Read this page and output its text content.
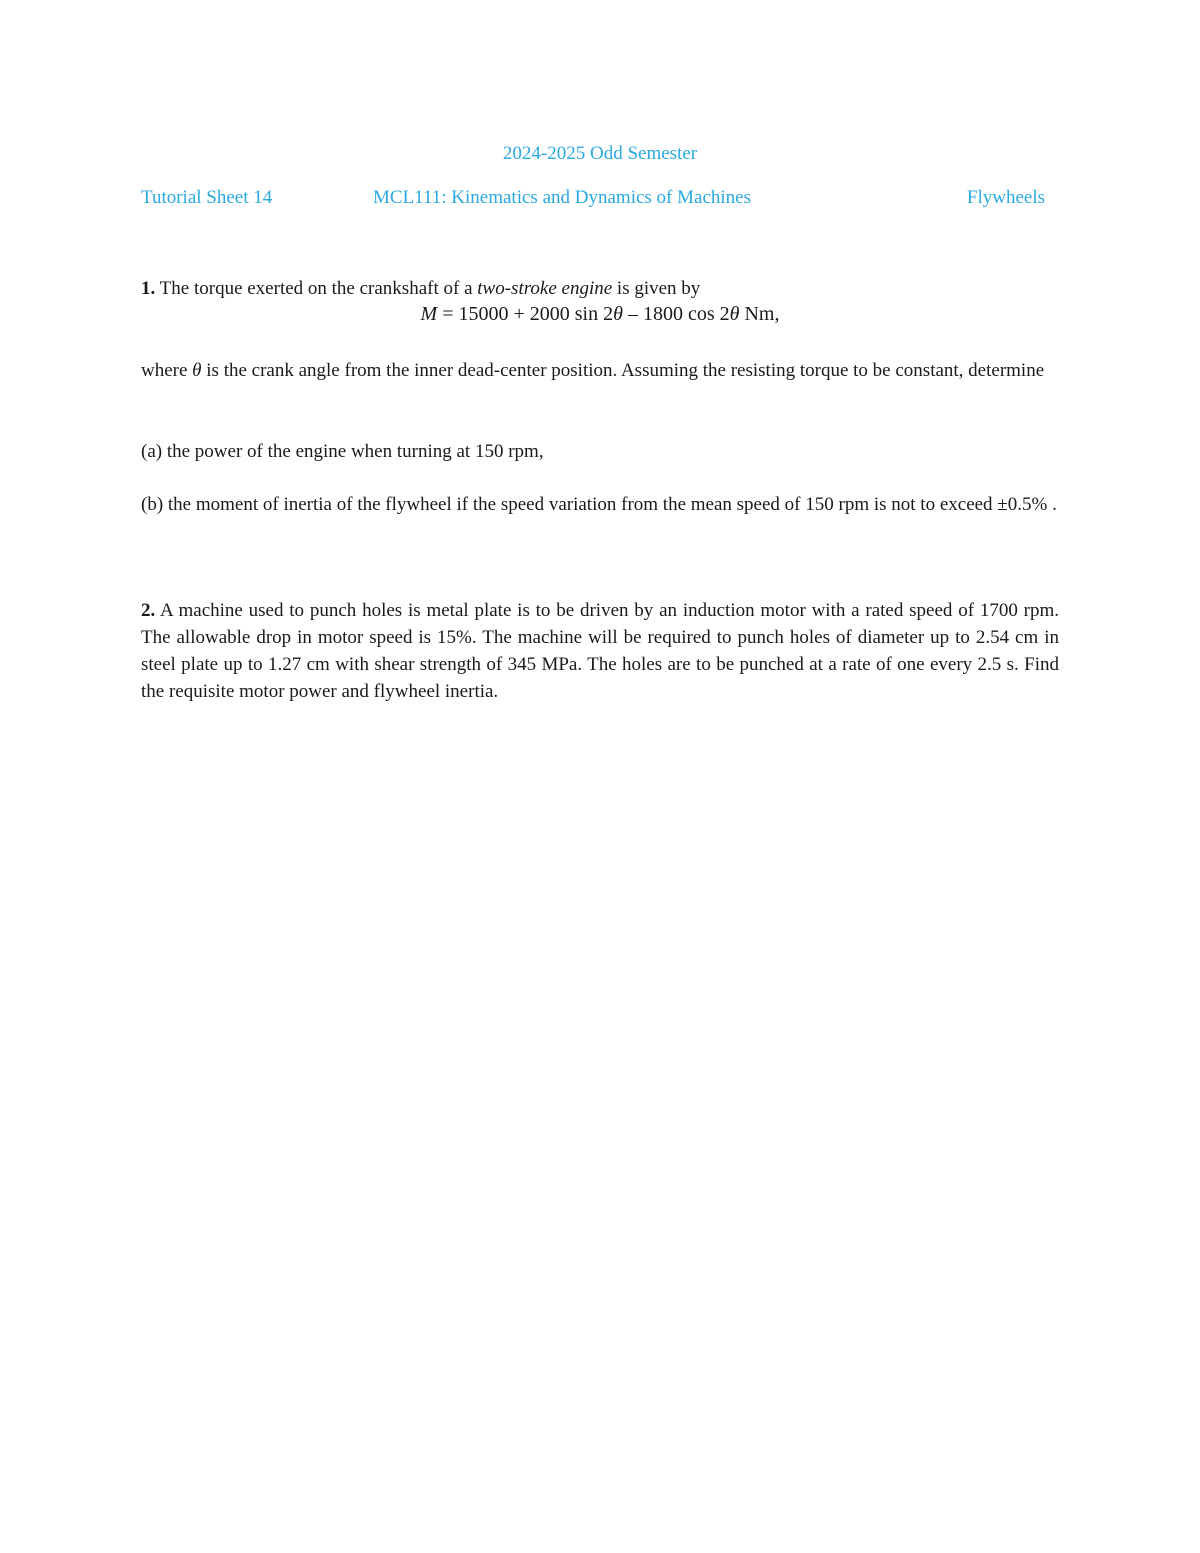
2024-2025 Odd Semester
Tutorial Sheet 14	MCL111: Kinematics and Dynamics of Machines	Flywheels
1. The torque exerted on the crankshaft of a two-stroke engine is given by
M = 15000 + 2000 sin 2θ – 1800 cos 2θ Nm,
where θ is the crank angle from the inner dead-center position. Assuming the resisting torque to be constant, determine
(a) the power of the engine when turning at 150 rpm,
(b) the moment of inertia of the flywheel if the speed variation from the mean speed of 150 rpm is not to exceed ±0.5% .
2. A machine used to punch holes is metal plate is to be driven by an induction motor with a rated speed of 1700 rpm. The allowable drop in motor speed is 15%. The machine will be required to punch holes of diameter up to 2.54 cm in steel plate up to 1.27 cm with shear strength of 345 MPa. The holes are to be punched at a rate of one every 2.5 s. Find the requisite motor power and flywheel inertia.
